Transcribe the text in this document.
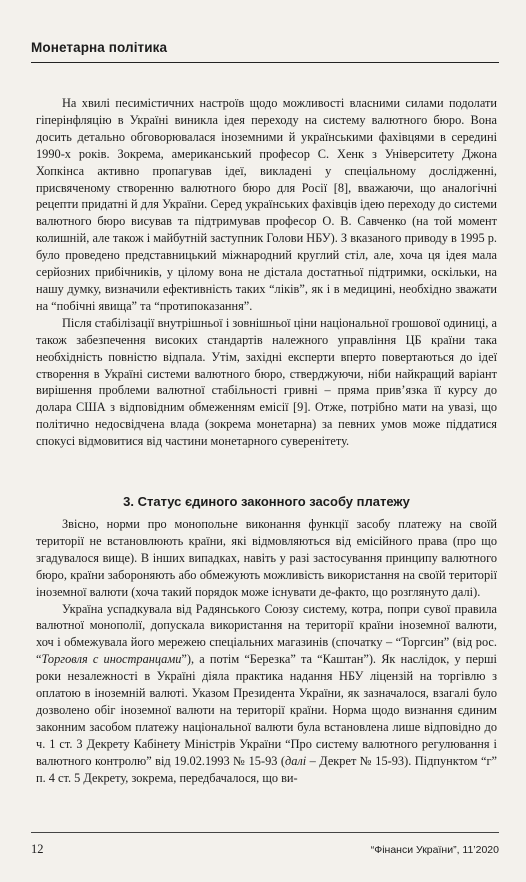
Монетарна політика

На хвилі песимістичних настроїв щодо можливості власними силами подолати гіперінфляцію в Україні виникла ідея переходу на систему валютного бюро. Вона досить детально обговорювалася іноземними й українськими фахівцями в середині 1990-х років. Зокрема, американський професор С. Хенк з Університету Джона Хопкінса активно пропагував ідеї, викладені у спеціальному дослідженні, присвяченому створенню валютного бюро для Росії [8], вважаючи, що аналогічні рецепти придатні й для України. Серед українських фахівців ідею переходу до системи валютного бюро висував та підтримував професор О. В. Савченко (на той момент колишній, але також і майбутній заступник Голови НБУ). З вказаного приводу в 1995 р. було проведено представницький міжнародний круглий стіл, але, хоча ця ідея мала серйозних прибічників, у цілому вона не дістала достатньої підтримки, оскільки, на нашу думку, визначили ефективність таких “ліків”, як і в медицині, необхідно зважати на “побічні явища” та “протипоказання”.

Після стабілізації внутрішньої і зовнішньої ціни національної грошової одиниці, а також забезпечення високих стандартів належного управління ЦБ країни така необхідність повністю відпала. Утім, західні експерти вперто повертаються до ідеї створення в Україні системи валютного бюро, стверджуючи, ніби найкращий варіант вирішення проблеми валютної стабільності гривні – пряма прив’язка її курсу до долара США з відповідним обмеженням емісії [9]. Отже, потрібно мати на увазі, що політично недосвідчена влада (зокрема монетарна) за певних умов може піддатися спокусі відмовитися від частини монетарного суверенітету.

3. Статус єдиного законного засобу платежу

Звісно, норми про монопольне виконання функції засобу платежу на своїй території не встановлюють країни, які відмовляються від емісійного права (про що згадувалося вище). В інших випадках, навіть у разі застосування принципу валютного бюро, країни забороняють або обмежують можливість використання на своїй території іноземної валюти (хоча такий порядок може існувати де-факто, що розглянуто далі).

Україна успадкувала від Радянського Союзу систему, котра, попри сувої правила валютної монополії, допускала використання на території країни іноземної валюти, хоч і обмежувала його мережею спеціальних магазинів (спочатку – “Торгсин” (від рос. “Торговля с иностранцами”), а потім “Березка” та “Каштан”). Як наслідок, у перші роки незалежності в Україні діяла практика надання НБУ ліцензій на торгівлю з оплатою в іноземній валюті. Указом Президента України, як зазначалося, взагалі було дозволено обіг іноземної валюти на території країни. Норма щодо визнання єдиним законним засобом платежу національної валюти була встановлена лише відповідно до ч. 1 ст. 3 Декрету Кабінету Міністрів України “Про систему валютного регулювання і валютного контролю” від 19.02.1993 № 15-93 (далі – Декрет № 15-93). Підпунктом “г” п. 4 ст. 5 Декрету, зокрема, передбачалося, що ви-

12	“Фінанси України”, 11’2020
